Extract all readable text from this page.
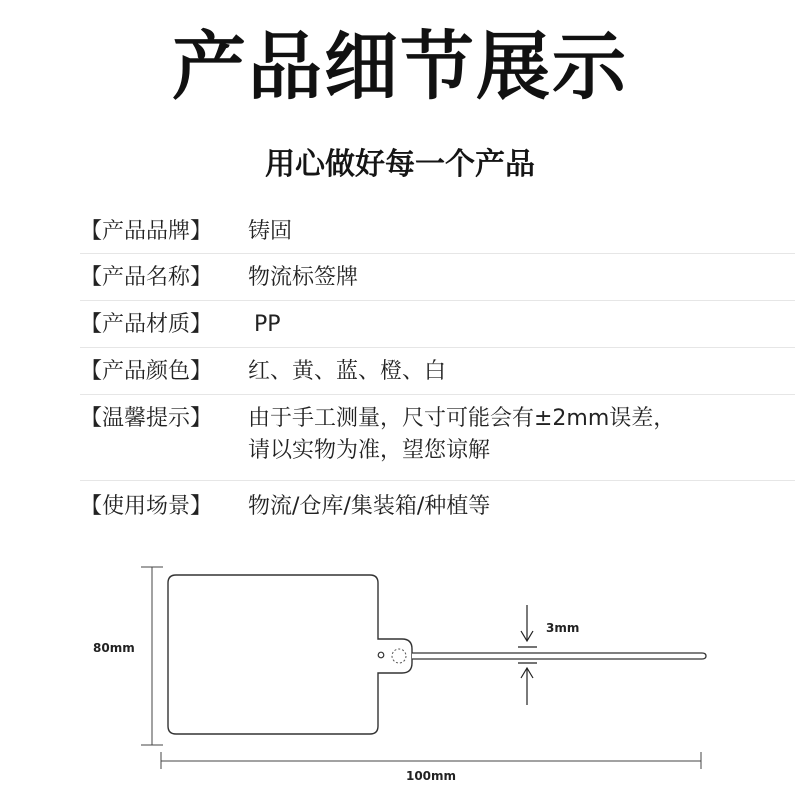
产品细节展示
用心做好每一个产品
【产品品牌】	铸固
【产品名称】	物流标签牌
【产品材质】	PP
【产品颜色】	红、黄、蓝、橙、白
【温馨提示】	由于手工测量，尺寸可能会有±2mm误差，
请以实物为准，望您谅解
【使用场景】	物流/仓库/集装箱/种植等
80mm
3mm
100mm
